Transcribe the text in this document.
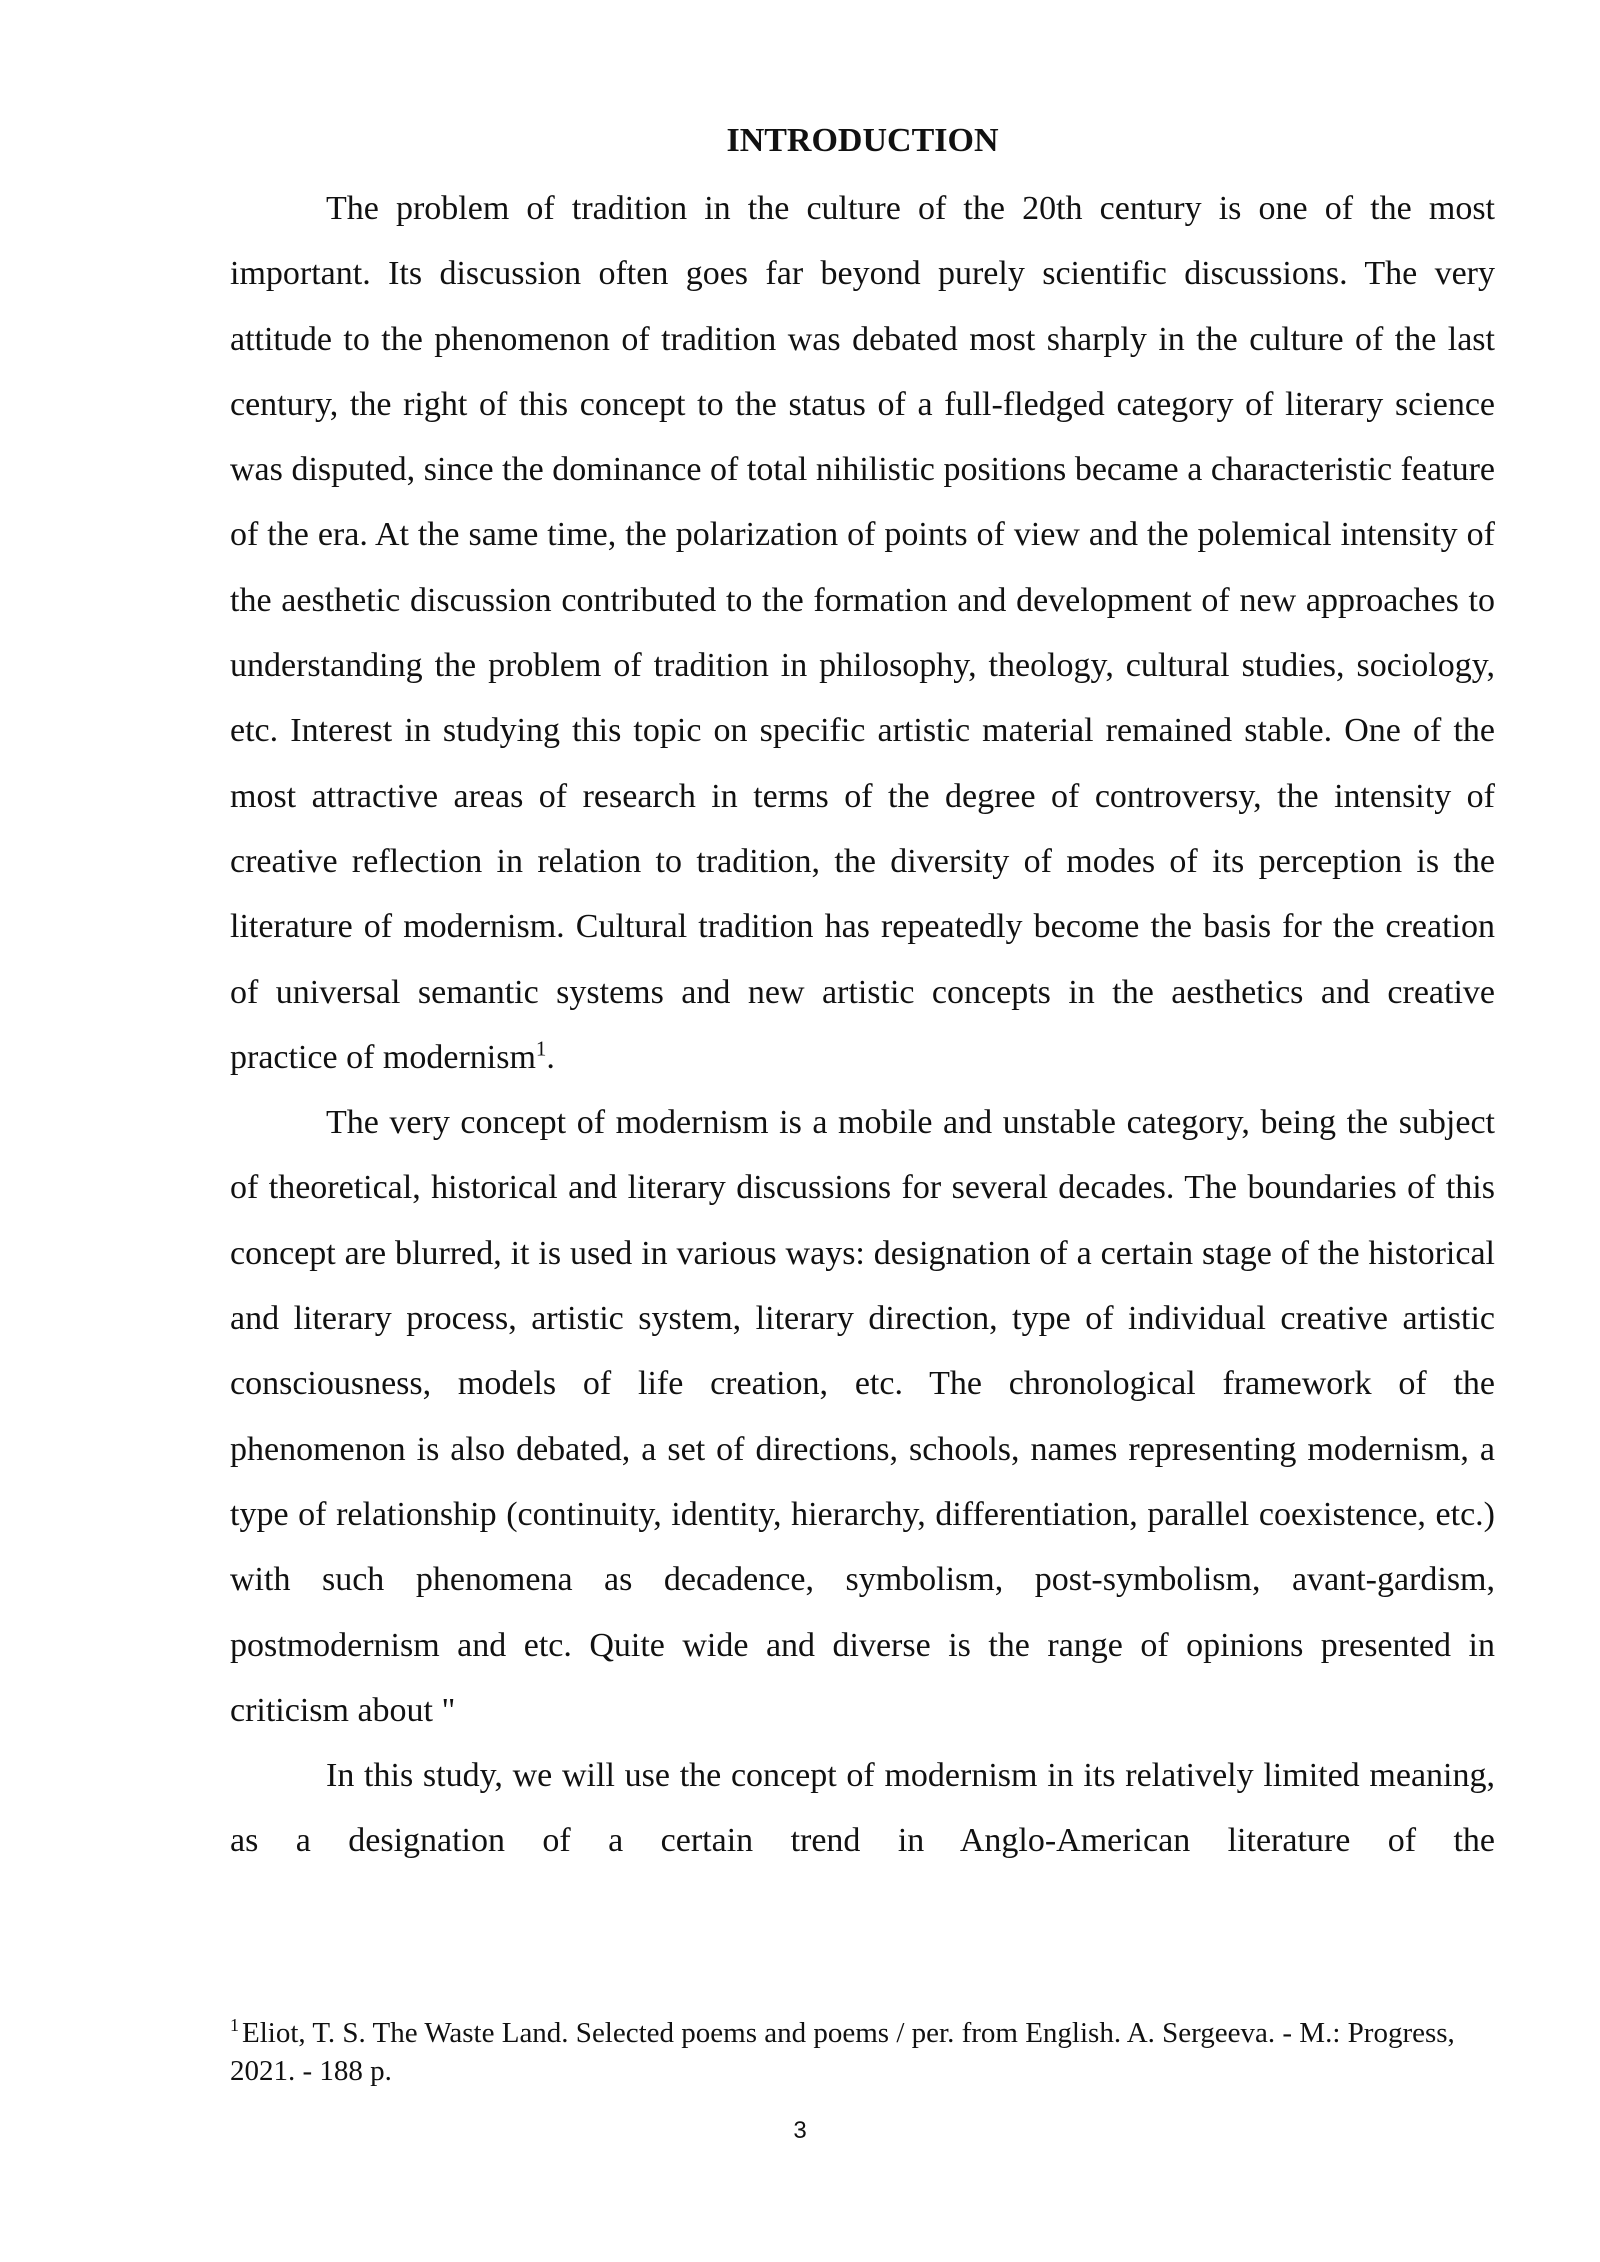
INTRODUCTION

The problem of tradition in the culture of the 20th century is one of the most important. Its discussion often goes far beyond purely scientific discussions. The very attitude to the phenomenon of tradition was debated most sharply in the culture of the last century, the right of this concept to the status of a full-fledged category of literary science was disputed, since the dominance of total nihilistic positions became a characteristic feature of the era. At the same time, the polarization of points of view and the polemical intensity of the aesthetic discussion contributed to the formation and development of new approaches to understanding the problem of tradition in philosophy, theology, cultural studies, sociology, etc. Interest in studying this topic on specific artistic material remained stable. One of the most attractive areas of research in terms of the degree of controversy, the intensity of creative reflection in relation to tradition, the diversity of modes of its perception is the literature of modernism. Cultural tradition has repeatedly become the basis for the creation of universal semantic systems and new artistic concepts in the aesthetics and creative practice of modernism$^1$.

The very concept of modernism is a mobile and unstable category, being the subject of theoretical, historical and literary discussions for several decades. The boundaries of this concept are blurred, it is used in various ways: designation of a certain stage of the historical and literary process, artistic system, literary direction, type of individual creative artistic consciousness, models of life creation, etc. The chronological framework of the phenomenon is also debated, a set of directions, schools, names representing modernism, a type of relationship (continuity, identity, hierarchy, differentiation, parallel coexistence, etc.) with such phenomena as decadence, symbolism, post-symbolism, avant-gardism, postmodernism and etc. Quite wide and diverse is the range of opinions presented in criticism about "

In this study, we will use the concept of modernism in its relatively limited meaning, as a designation of a certain trend in Anglo-American literature of the

$^1$ Eliot, T. S. The Waste Land. Selected poems and poems / per. from English. A. Sergeeva. - M.: Progress, 2021. - 188 p.

3
